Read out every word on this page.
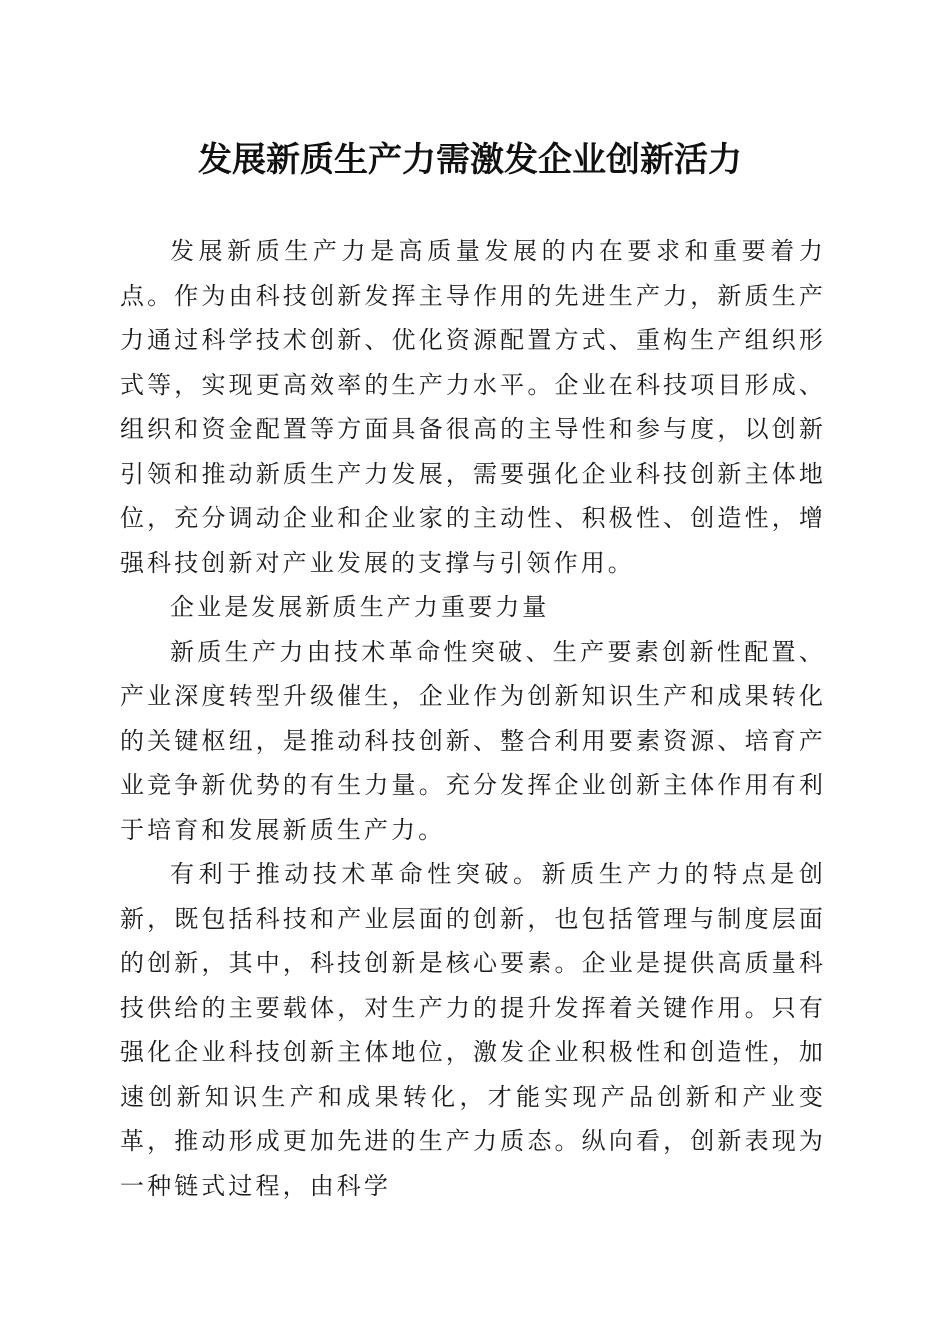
发展新质生产力需激发企业创新活力

发展新质生产力是高质量发展的内在要求和重要着力点。作为由科技创新发挥主导作用的先进生产力，新质生产力通过科学技术创新、优化资源配置方式、重构生产组织形式等，实现更高效率的生产力水平。企业在科技项目形成、组织和资金配置等方面具备很高的主导性和参与度，以创新引领和推动新质生产力发展，需要强化企业科技创新主体地位，充分调动企业和企业家的主动性、积极性、创造性，增强科技创新对产业发展的支撑与引领作用。

企业是发展新质生产力重要力量

新质生产力由技术革命性突破、生产要素创新性配置、产业深度转型升级催生，企业作为创新知识生产和成果转化的关键枢纽，是推动科技创新、整合利用要素资源、培育产业竞争新优势的有生力量。充分发挥企业创新主体作用有利于培育和发展新质生产力。

有利于推动技术革命性突破。新质生产力的特点是创新，既包括科技和产业层面的创新，也包括管理与制度层面的创新，其中，科技创新是核心要素。企业是提供高质量科技供给的主要载体，对生产力的提升发挥着关键作用。只有强化企业科技创新主体地位，激发企业积极性和创造性，加速创新知识生产和成果转化，才能实现产品创新和产业变革，推动形成更加先进的生产力质态。纵向看，创新表现为一种链式过程，由科学
